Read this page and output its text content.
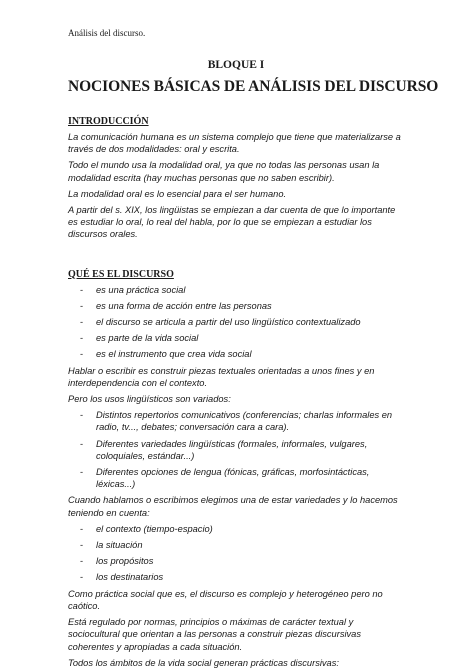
Análisis del discurso.
BLOQUE I
NOCIONES BÁSICAS DE ANÁLISIS DEL DISCURSO
INTRODUCCIÓN

La comunicación humana es un sistema complejo que tiene que materializarse a través de dos modalidades: oral y escrita.

Todo el mundo usa la modalidad oral, ya que no todas las personas usan la modalidad escrita (hay muchas personas que no saben escribir).

La modalidad oral es lo esencial para el ser humano.

A partir del s. XIX, los lingüistas se empiezan a dar cuenta de que lo importante es estudiar lo oral, lo real del habla, por lo que se empiezan a estudiar los discursos orales.

QUÉ ES EL DISCURSO
- es una práctica social
- es una forma de acción entre las personas
- el discurso se articula a partir del uso lingüístico contextualizado
- es parte de la vida social
- es el instrumento que crea vida social

Hablar o escribir es construir piezas textuales orientadas a unos fines y en interdependencia con el contexto.

Pero los usos lingüísticos son variados:

- Distintos repertorios comunicativos (conferencias; charlas informales en radio, tv..., debates; conversación cara a cara).
- Diferentes variedades lingüísticas (formales, informales, vulgares, coloquiales, estándar...)
- Diferentes opciones de lengua (fónicas, gráficas, morfosintácticas, léxicas...)

Cuando hablamos o escribimos elegimos una de estar variedades y lo hacemos teniendo en cuenta:

- el contexto (tiempo-espacio)
- la situación
- los propósitos
- los destinatarios

Como práctica social que es, el discurso es complejo y heterogéneo pero no caótico.

Está regulado por normas, principios o máximas de carácter textual y sociocultural que orientan a las personas a construir piezas discursivas coherentes y apropiadas a cada situación.

Todos los ámbitos de la vida social generan prácticas discursivas:
